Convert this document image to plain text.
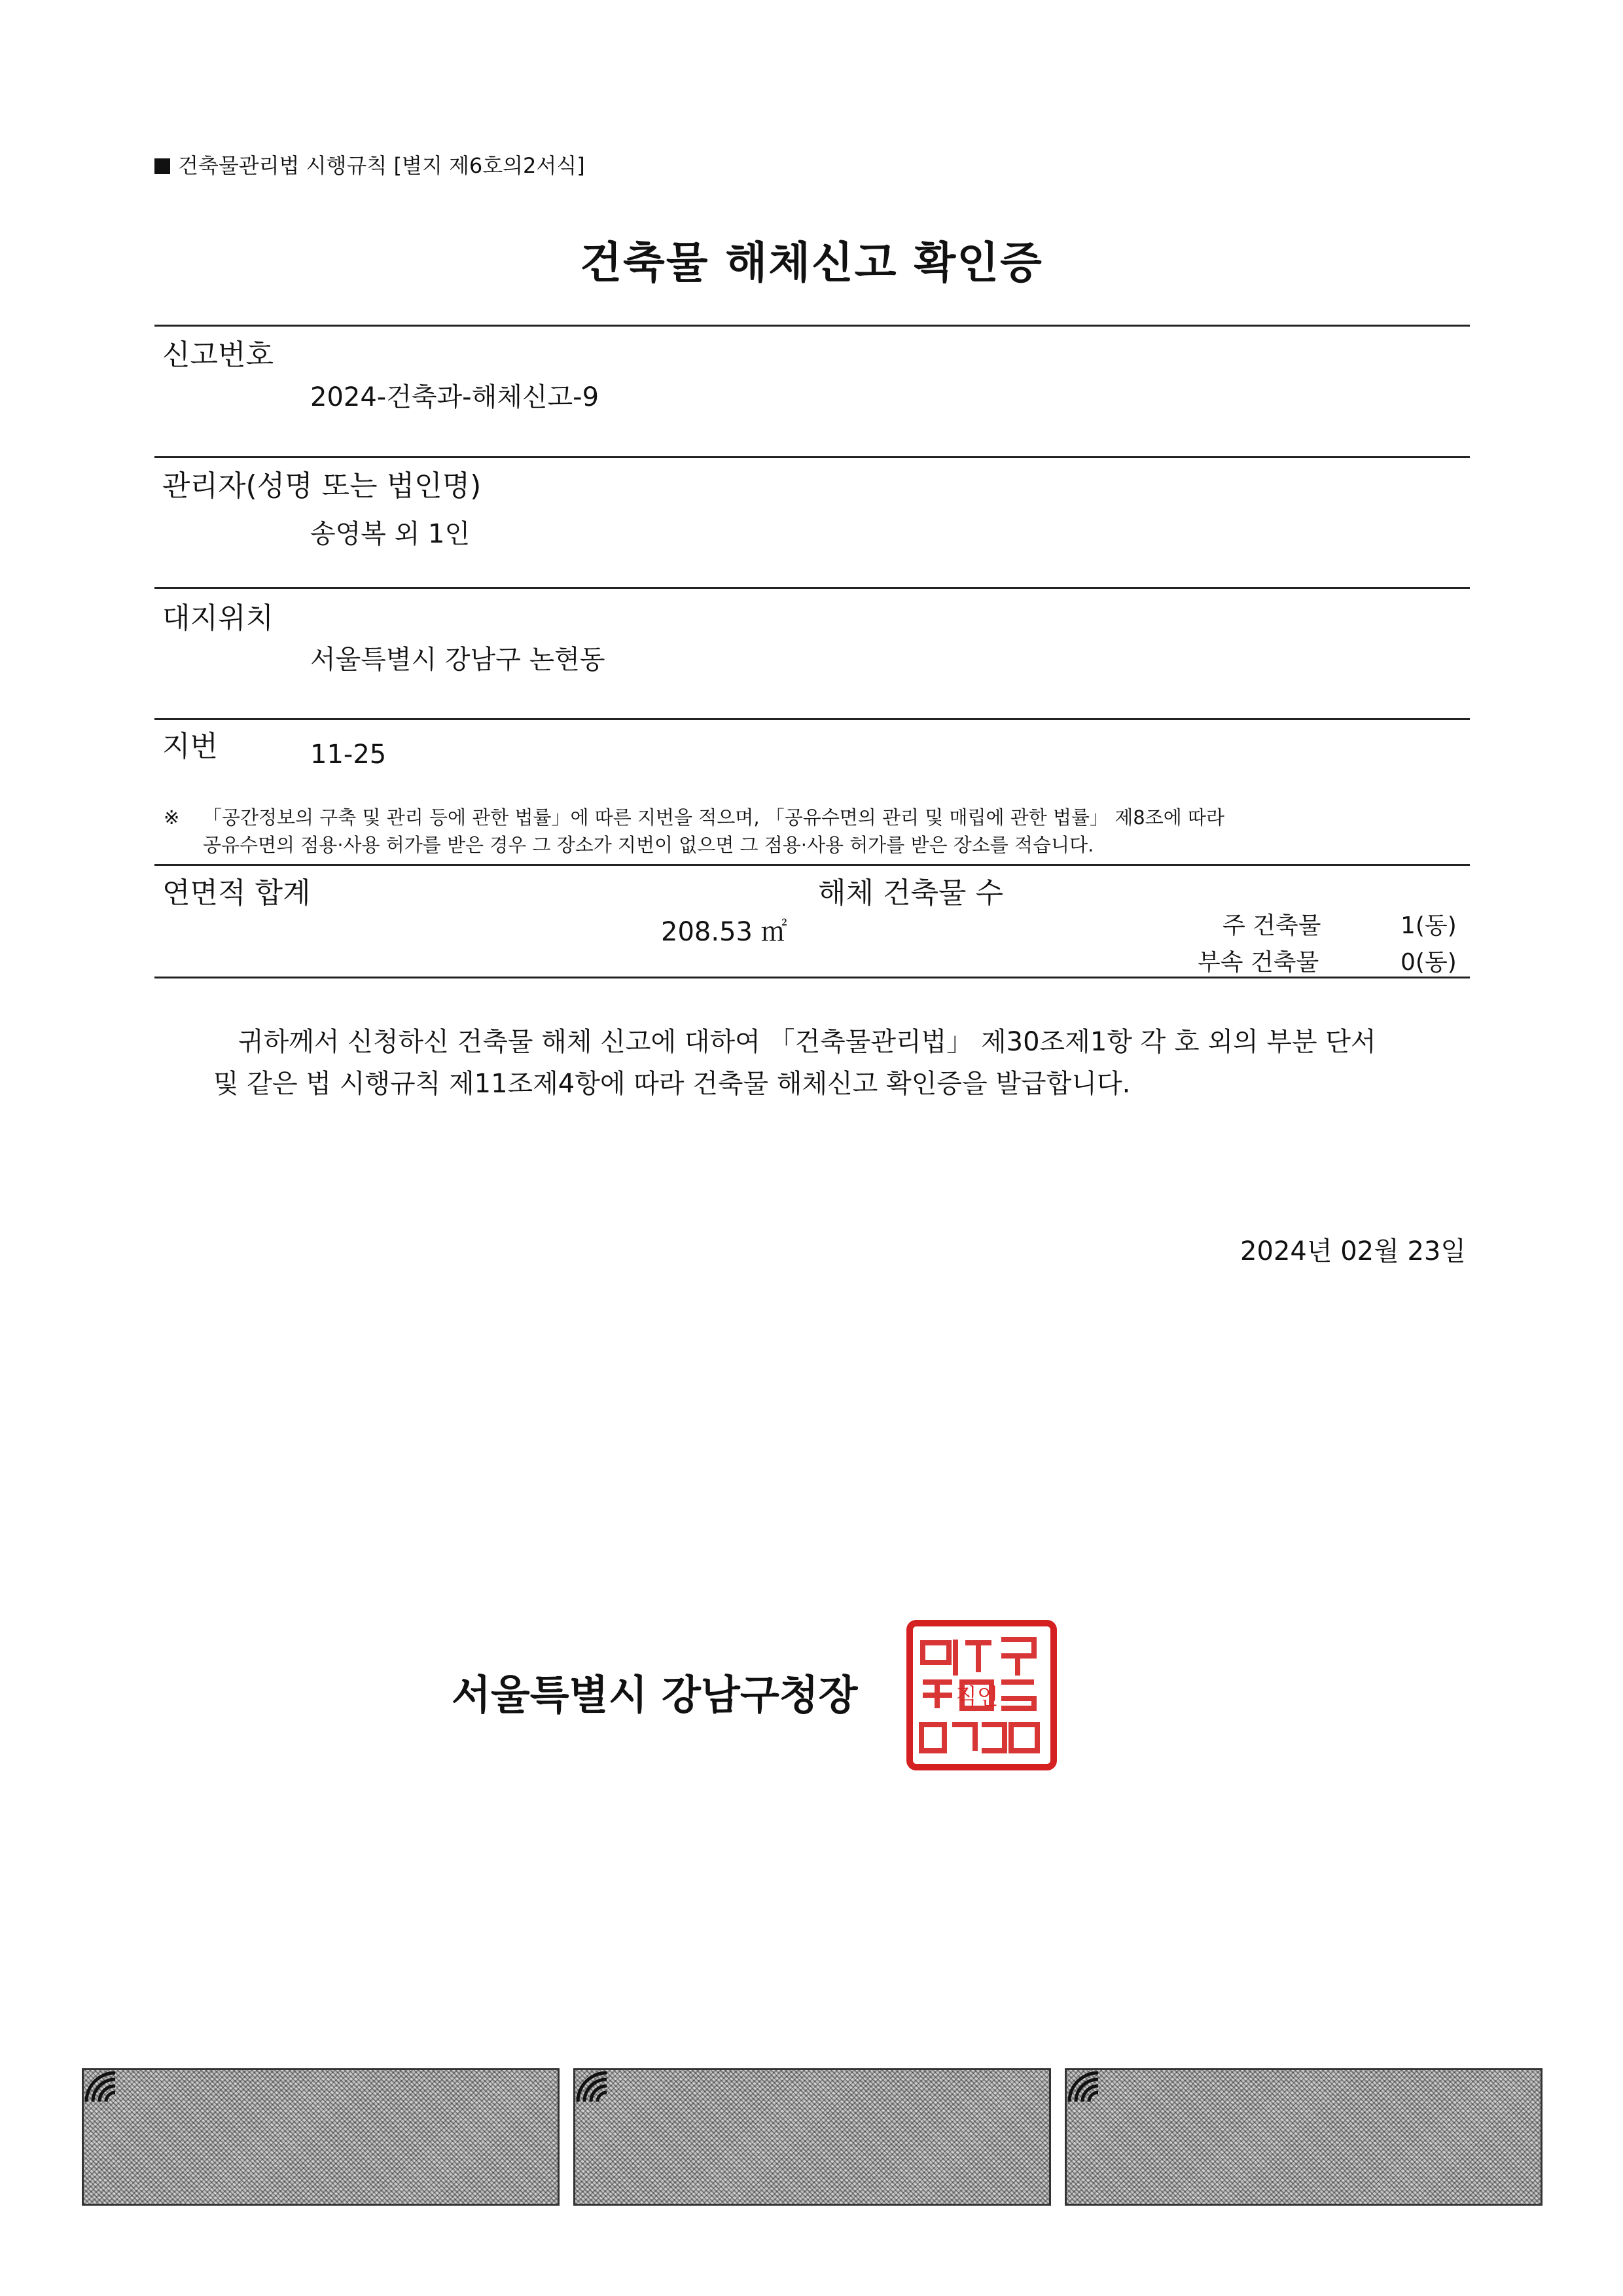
건축물관리법 시행규칙 [별지 제6호의2서식]
건축물 해체신고 확인증
신고번호
2024-건축과-해체신고-9
관리자(성명 또는 법인명)
송영복 외 1인
대지위치
서울특별시 강남구 논현동
지번	11-25
※ 「공간정보의 구축 및 관리 등에 관한 법률」에 따른 지번을 적으며, 「공유수면의 관리 및 매립에 관한 법률」 제8조에 따라
공유수면의 점용·사용 허가를 받은 경우 그 장소가 지번이 없으면 그 점용·사용 허가를 받은 장소를 적습니다.
연면적 합계
208.53 ㎡
해체 건축물 수
주 건축물	1(동)
부속 건축물	0(동)

귀하께서 신청하신 건축물 해체 신고에 대하여 「건축물관리법」 제30조제1항 각 호 외의 부분 단서

및 같은 법 시행규칙 제11조제4항에 따라 건축물 해체신고 확인증을 발급합니다.

2024년 02월 23일
서울특별시 강남구청장	직인
